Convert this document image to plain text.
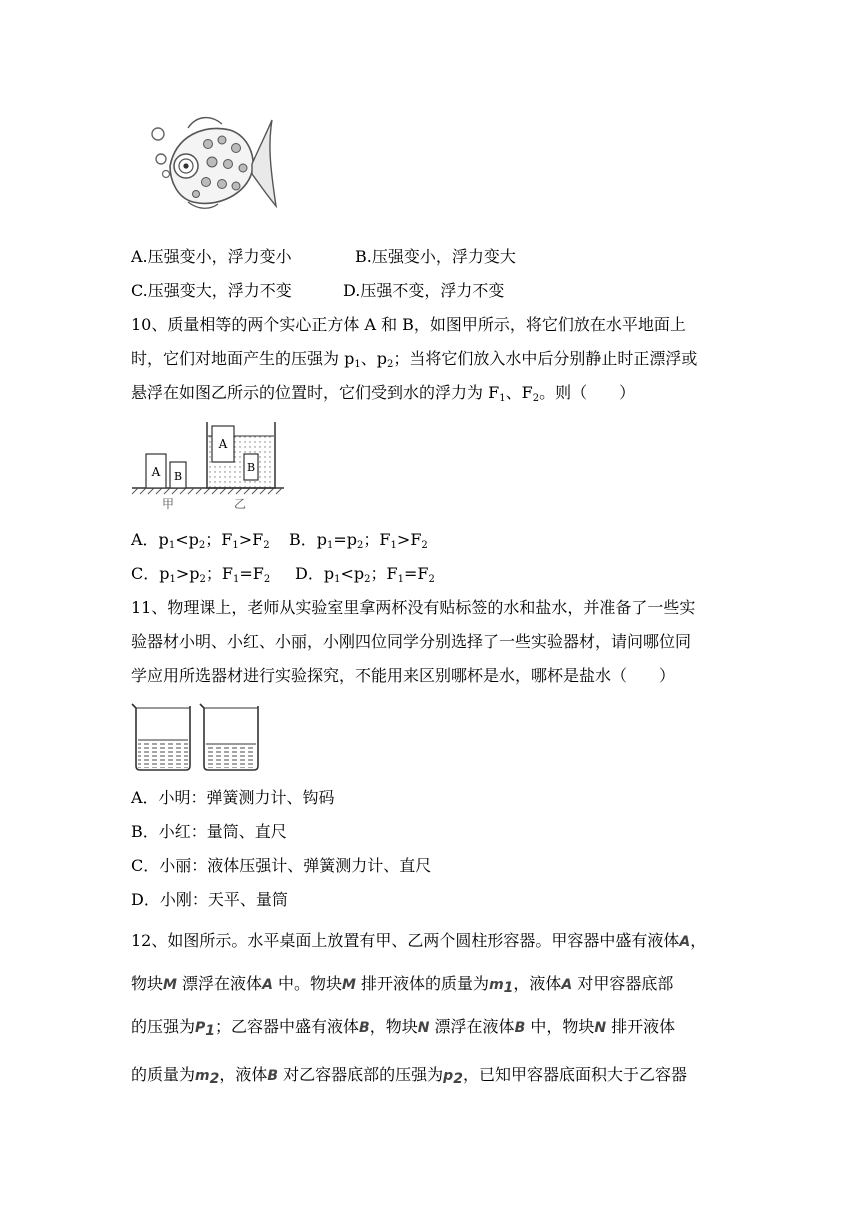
A.压强变小，浮力变小	B.压强变小，浮力变大
C.压强变大，浮力不变	D.压强不变，浮力不变
10、质量相等的两个实心正方体 A 和 B，如图甲所示，将它们放在水平地面上
时，它们对地面产生的压强为 $p_1$、$p_2$；当将它们放入水中后分别静止时正漂浮或
悬浮在如图乙所示的位置时，它们受到水的浮力为 $F_1$、$F_2$。则（　　）
A B
A
B
甲	乙
A．$p_1<p_2$；$F_1>F_2$ B．$p_1=p_2$；$F_1>F_2$
C．$p_1>p_2$；$F_1=F_2$ D．$p_1<p_2$；$F_1=F_2$
11、物理课上，老师从实验室里拿两杯没有贴标签的水和盐水，并准备了一些实
验器材小明、小红、小丽，小刚四位同学分别选择了一些实验器材，请问哪位同
学应用所选器材进行实验探究，不能用来区别哪杯是水，哪杯是盐水（　　）
A．小明：弹簧测力计、钩码
B．小红：量筒、直尺
C．小丽：液体压强计、弹簧测力计、直尺
D．小刚：天平、量筒
12、如图所示。水平桌面上放置有甲、乙两个圆柱形容器。甲容器中盛有液体A，
物块M 漂浮在液体A 中。物块M 排开液体的质量为$m_1$，液体A 对甲容器底部
的压强为$P_1$；乙容器中盛有液体B，物块N 漂浮在液体B 中，物块N 排开液体
的质量为$m_2$，液体B 对乙容器底部的压强为$p_2$，已知甲容器底面积大于乙容器
